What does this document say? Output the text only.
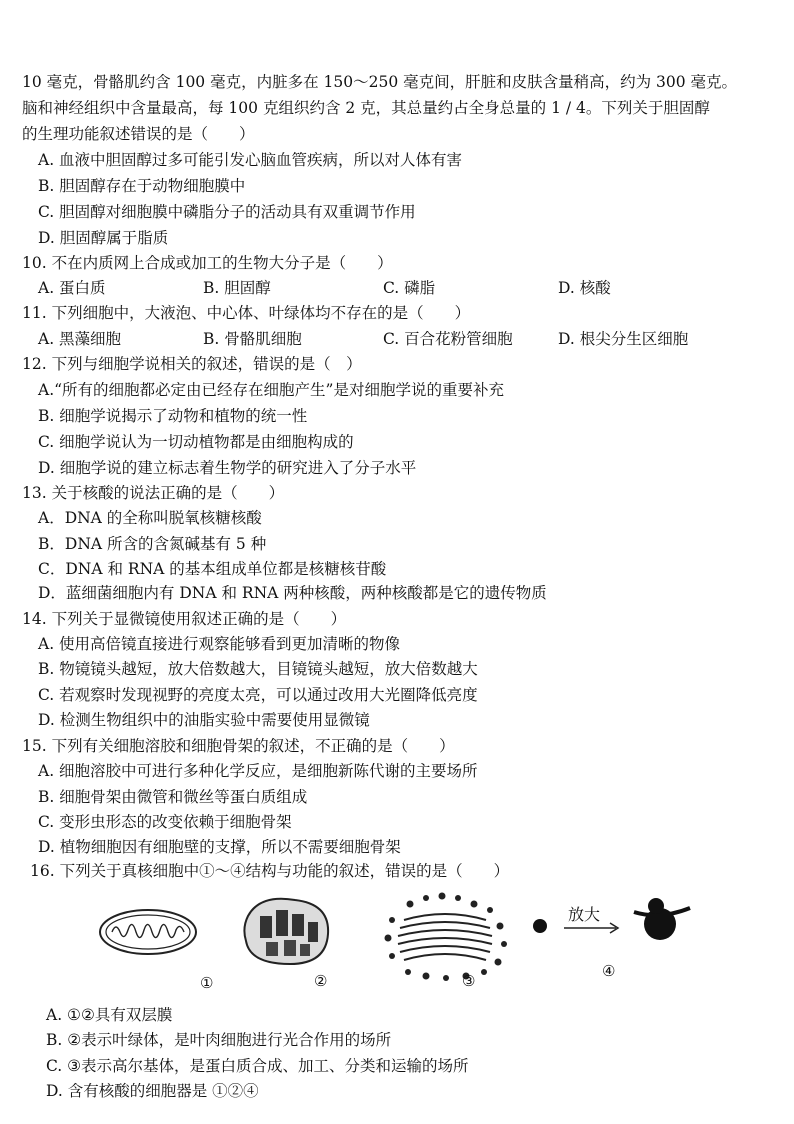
10 毫克，骨骼肌约含 100 毫克，内脏多在 150～250 毫克间，肝脏和皮肤含量稍高，约为 300 毫克。
脑和神经组织中含量最高，每 100 克组织约含 2 克，其总量约占全身总量的 1 / 4。下列关于胆固醇
的生理功能叙述错误的是（　　）
A. 血液中胆固醇过多可能引发心脑血管疾病，所以对人体有害
B. 胆固醇存在于动物细胞膜中
C. 胆固醇对细胞膜中磷脂分子的活动具有双重调节作用
D. 胆固醇属于脂质
10. 不在内质网上合成或加工的生物大分子是（　　）
A. 蛋白质	B. 胆固醇	C. 磷脂	D. 核酸
11. 下列细胞中，大液泡、中心体、叶绿体均不存在的是（　　）
A. 黑藻细胞	B. 骨骼肌细胞	C. 百合花粉管细胞	D. 根尖分生区细胞
12. 下列与细胞学说相关的叙述，错误的是（　）
A.“所有的细胞都必定由已经存在细胞产生”是对细胞学说的重要补充
B. 细胞学说揭示了动物和植物的统一性
C. 细胞学说认为一切动植物都是由细胞构成的
D. 细胞学说的建立标志着生物学的研究进入了分子水平
13. 关于核酸的说法正确的是（　　）
A．DNA 的全称叫脱氧核糖核酸
B．DNA 所含的含氮碱基有 5 种
C．DNA 和 RNA 的基本组成单位都是核糖核苷酸
D．蓝细菌细胞内有 DNA 和 RNA 两种核酸，两种核酸都是它的遗传物质
14. 下列关于显微镜使用叙述正确的是（　　）
A. 使用高倍镜直接进行观察能够看到更加清晰的物像
B. 物镜镜头越短，放大倍数越大，目镜镜头越短，放大倍数越大
C. 若观察时发现视野的亮度太亮，可以通过改用大光圈降低亮度
D. 检测生物组织中的油脂实验中需要使用显微镜
15. 下列有关细胞溶胶和细胞骨架的叙述，不正确的是（　　）
A. 细胞溶胶中可进行多种化学反应，是细胞新陈代谢的主要场所
B. 细胞骨架由微管和微丝等蛋白质组成
C. 变形虫形态的改变依赖于细胞骨架
D. 植物细胞因有细胞壁的支撑，所以不需要细胞骨架
16. 下列关于真核细胞中①～④结构与功能的叙述，错误的是（　　）
放大
①	②	③
④
A. ①②具有双层膜
B. ②表示叶绿体，是叶肉细胞进行光合作用的场所
C. ③表示高尔基体，是蛋白质合成、加工、分类和运输的场所
D. 含有核酸的细胞器是 ①②④
